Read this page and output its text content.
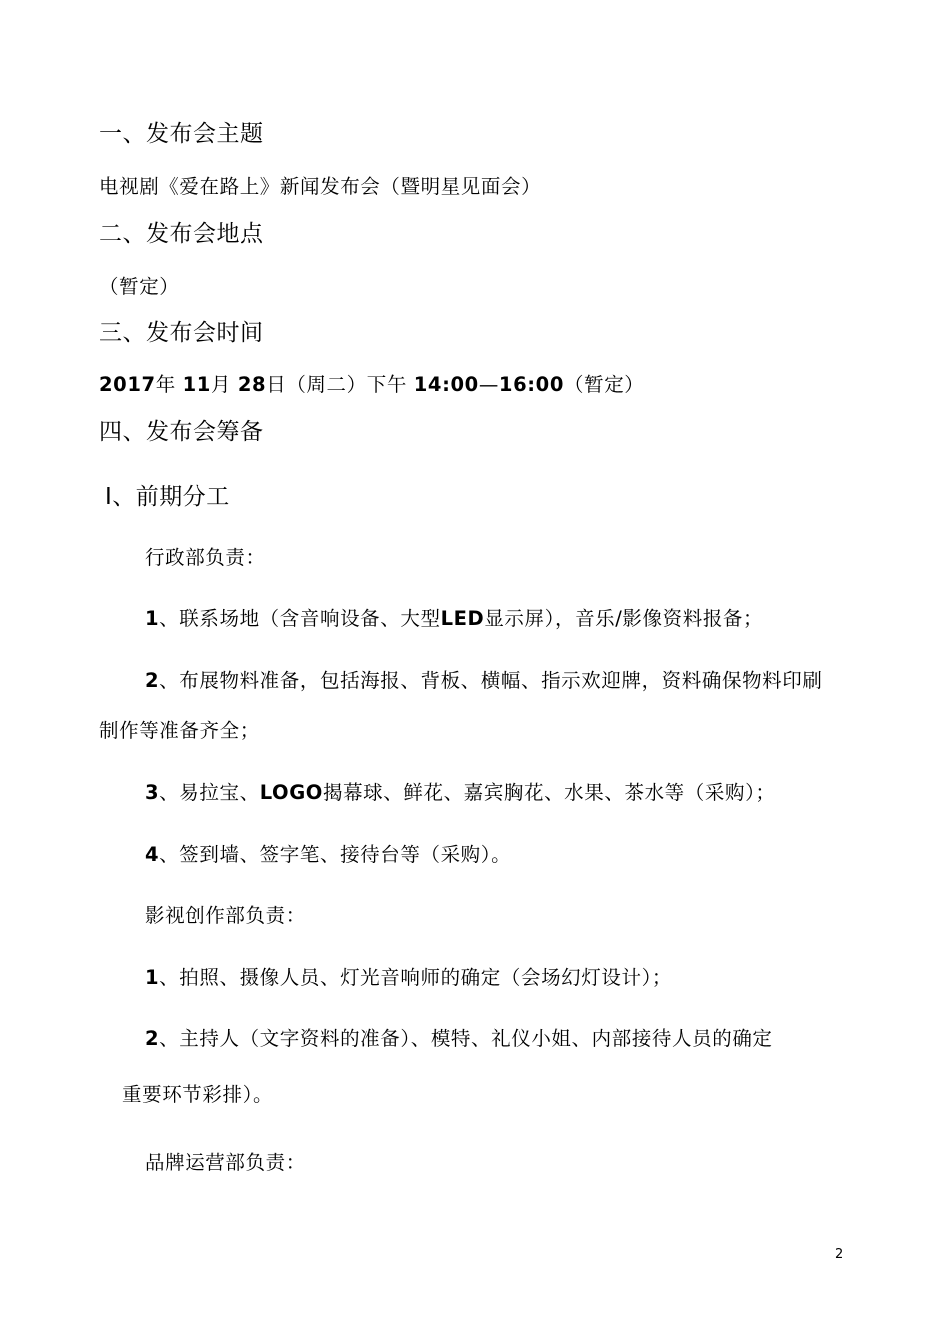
一、发布会主题
电视剧《爱在路上》新闻发布会（暨明星见面会）
二、发布会地点
（暂定）
三、发布会时间
2017年 11月 28日（周二）下午 14:00—16:00（暂定）
四、发布会筹备
Ⅰ、前期分工
行政部负责：
1、联系场地（含音响设备、大型LED显示屏），音乐/影像资料报备；
2、布展物料准备，包括海报、背板、横幅、指示欢迎牌，资料确保物料印刷
制作等准备齐全；
3、易拉宝、LOGO揭幕球、鲜花、嘉宾胸花、水果、茶水等（采购）；
4、签到墙、签字笔、接待台等（采购）。
影视创作部负责：
1、拍照、摄像人员、灯光音响师的确定（会场幻灯设计）；
2、主持人（文字资料的准备）、模特、礼仪小姐、内部接待人员的确定
重要环节彩排）。
品牌运营部负责：
2
